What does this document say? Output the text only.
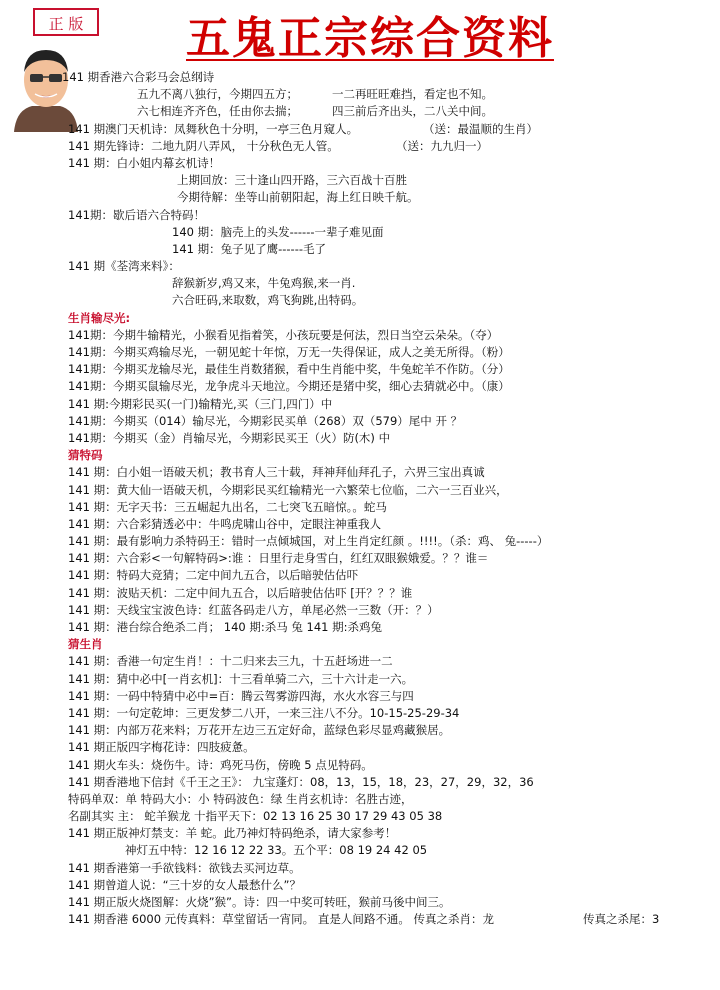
正 版	五鬼正宗综合资料
141 期香港六合彩马会总纲诗
五九不离八独行，今期四五方；	一二再旺旺难挡，看定也不知。
六七相连齐齐色，任由你去揣；	四三前后齐出头，二八关中间。
141 期澳门天机诗：凤舞秋色十分明，一亭三色月窥人。	（送：最温顺的生肖）
141 期先锋诗：二地九阴八弄风， 十分秋色无人管。	（送：九九归一）
141 期：白小姐内幕玄机诗！
上期回放：三十逢山四开路，三六百战十百胜
今期待解：坐等山前朝阳起，海上红日映千航。
141期：歇后语六合特码！
140 期：脑壳上的头发------一辈子难见面
141 期：兔子见了鹰------毛了
141 期《荃湾来料》：
辞猴新岁,鸡又来，牛兔鸡猴,来一肖.
六合旺码,来取数，鸡飞狗跳,出特码。
生肖输尽光:
141期：今期牛输精光，小猴看见指着笑，小孩玩要是何法，烈日当空云朵朵。（夺）
141期：今期买鸡输尽光，一朝见蛇十年惊，万无一失得保证，成人之美无所得。（粉）
141期：今期买龙输尽光，最佳生肖数猪猴，看中生肖能中奖，牛兔蛇羊不作防。（分）
141期：今期买鼠输尽光，龙争虎斗天地泣。今期还是猪中奖，细心去猜就必中。（康）
141 期:今期彩民买(一门)输精光,买（三门,四门）中
141期：今期买（014）输尽光，今期彩民买单（268）双（579）尾中 开 ？
141期：今期买（金）肖输尽光，今期彩民买王（火）防(木) 中
猜特码
141 期：白小姐一语破天机；教书育人三十载，拜神拜仙拜孔子，六畀三宝出真诚
141 期：黄大仙一语破天机，今期彩民买红输精光一六繁荣七位临，二六一三百业兴，
141 期：无字天书：三五崛起九出名，二七突飞五暗惊。。蛇马
141 期：六合彩猜透必中：牛鸣虎啸山谷中，定眼注神重我人
141 期：最有影响力杀特码王：错时一点倾城国，对上生肖定红颜 。!!!!。（杀：鸡、 兔-----）
141 期：六合彩<一句解特码>:谁 ：日里行走身雪白，红红双眼猴娥爱。？？谁＝
141 期：特码大竞猜；二定中间九五合，以后暗驶估估吓
141 期：波贴天机：二定中间九五合，以后暗驶估估吓 [开？？？谁
141 期：天线宝宝波色诗：红蓝各码走八方，单尾必然一三数（开：？）
141 期：港台综合绝杀二肖； 140 期:杀马 兔 141 期:杀鸡兔
猜生肖
141 期：香港一句定生肖！：十二归来去三九，十五赶场进一二
141 期：猜中必中[一肖玄机]：十三看单骑二六，三十六计走一六。
141 期：一码中特猜中必中=百：腾云驾雾游四海，水火水容三与四
141 期：一句定乾坤：三更发梦二八开，一来三注八不分。10-15-25-29-34
141 期：内部万花来料；万花开左边三五定好命，蓝绿色彩尽显鸡藏猴居。
141 期正版四字梅花诗：四肢疲惫。
141 期火车头：烧伤牛。诗：鸡死马伤，傍晚 5 点见特码。
141 期香港地下信封《千王之王》： 九宝蓬灯：08，13，15，18，23，27，29，32，36
特码单双：单 特码大小：小 特码波色：绿 生肖玄机诗：名胜古迹，
名副其实 主： 蛇羊猴龙 十指平天下：02 13 16 25 30 17 29 43 05 38
141 期正版神灯禁支：羊 蛇。此乃神灯特码绝杀，请大家参考！
神灯五中特：12 16 12 22 33。五个平：08 19 24 42 05
141 期香港第一手欲钱料：欲钱去买河边草。
141 期曾道人说：“三十岁的女人最愁什么”？
141 期正版火烧图解：火烧”猴”。诗：四一中奖可转旺，猴前马後中间三。
141 期香港 6000 元传真料：草堂留话一宵同。 直是人间路不通。 传真之杀肖：龙	传真之杀尾：3
